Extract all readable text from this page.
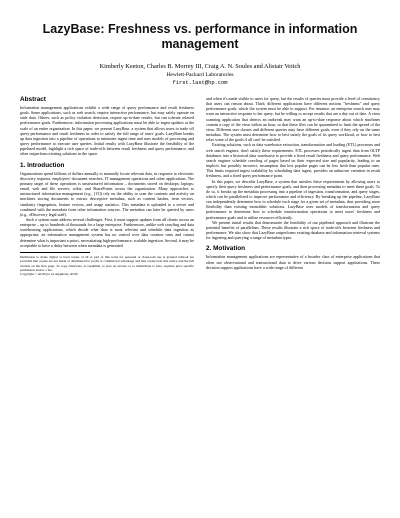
LazyBase: Freshness vs. performance in information management
Kimberly Keeton, Charles B. Morrey III, Craig A. N. Soules and Alistair Veitch
Hewlett-Packard Laboratories
first.last@hp.com
Abstract

Information management applications exhibit a wide range of query performance and result freshness goals. Some applications, such as web search, require interactive performance, but may safely operate on stale data. Others, such as policy violation detection, require up-to-date results, but can tolerate relaxed performance goals. Furthermore, information processing applications must be able to ingest updates at the scale of an entire organization. In this paper, we present LazyBase, a system that allows users to trade off query performance and result freshness in order to satisfy the full range of users' goals. LazyBase breaks up data ingestion into a pipeline of operations to minimize ingest time and uses models of processing and query performance to execute user queries. Initial results with LazyBase illustrate the feasibility of the pipelined model, highlight a rich space of trade-offs between result freshness and query performance, and often outperform existing solutions in the space.

1. Introduction

Organizations spend billions of dollars annually to manually locate relevant data, in response to electronic discovery requests, employees' document searches, IT management operations and other applications. The primary target of these operations is unstructured information – documents stored on desktops; laptops; email, web and file servers; wikis; and SharePoints across the organization. Many approaches to unstructured information management (e.g., [13]) rely on the ability to scan the contents and activity on machines storing documents to extract descriptive metadata, such as content hashes, term vectors, similarity fingerprints, feature vectors, and usage statistics. This metadata is uploaded to a server and combined with the metadata from other information sources. The metadata can later be queried by users (e.g., eDiscovery legal staff).

Such a system must address several challenges. First, it must support updates from all clients across an enterprise – up to hundreds of thousands for a large enterprise. Furthermore, unlike web crawling and data warehousing applications, which decide what data is most relevant and schedule data ingestion as appropriate, an information management system has no control over data creation rates and cannot determine what is important a priori, necessitating high-performance, scalable ingestion. Second, it may be acceptable to have a delay between when metadata is generated

Permission to make digital or hard copies of all or part of this work for personal or classroom use is granted without fee provided that copies are not made or distributed for profit or commercial advantage and that copies bear this notice and the full citation on the first page. To copy otherwise, to republish, to post on servers or to redistribute to lists, requires prior specific permission and/or a fee.

Copyright © ACM [to be supplied]...$5.00

and when it's made visible to users for query, but the results of queries must provide a level of consistency that users can reason about. Third, different applications have different notions "freshness" and query performance goals, which the system must be able to support. For instance, an enterprise search user may want an interactive response to her query, but be willing to accept results that are a day out of date. A virus scanning application that detects an outbreak may want an up-to-date response about which machines contain a copy of the virus within an hour, so that these files can be quarantined to limit the spread of the virus. Different user classes and different queries may have different goals, even if they rely on the same metadata. The system must determine how to best satisfy the goals of its query workload, or how to best relax some of the goals if all can't be satisfied.

Existing solutions, such as data warehouse extraction, transformation and loading (ETL) processes and web search engines, don't satisfy these requirements. ETL processes periodically ingest data from OLTP databases into a historical data warehouse to provide a fixed result freshness and query performance. Web search engines schedule crawling of pages based on their expected size and popularity, leading to an implicit, but possibly incorrect, assumption that less popular pages can be less fresh than popular ones. This limits required ingest scalability by scheduling data ingest, provides an unknown variation in result freshness, and a fixed query performance point.

In this paper, we describe LazyBase, a system that satisfies these requirements by allowing users to specify their query freshness and performance goals, and then processing metadata to meet these goals. To do so, it breaks up the metadata processing into a pipeline of ingestion, transformation, and query stages, which can be parallelized to improve performance and efficiency. By breaking up the pipeline, LazyBase can independently determine how to schedule each stage for a given set of metadata, thus providing more flexibility than existing monolithic solutions. LazyBase uses models of transformation and query performance to determine how to schedule transformation operations to meet users' freshness and performance goals and to utilize resources efficiently.

We present initial results that demonstrate the feasibility of our pipelined approach and illustrate the potential benefits of parallelism. These results illustrate a rich space of trade-offs between freshness and performance. We also show that LazyBase outperforms existing database and information retrieval systems for ingesting and querying a range of metadata types.

2. Motivation

Information management applications are representative of a broader class of enterprise applications that often use observational and transactional data to drive various decision support applications. These decision support applications have a wide range of different
